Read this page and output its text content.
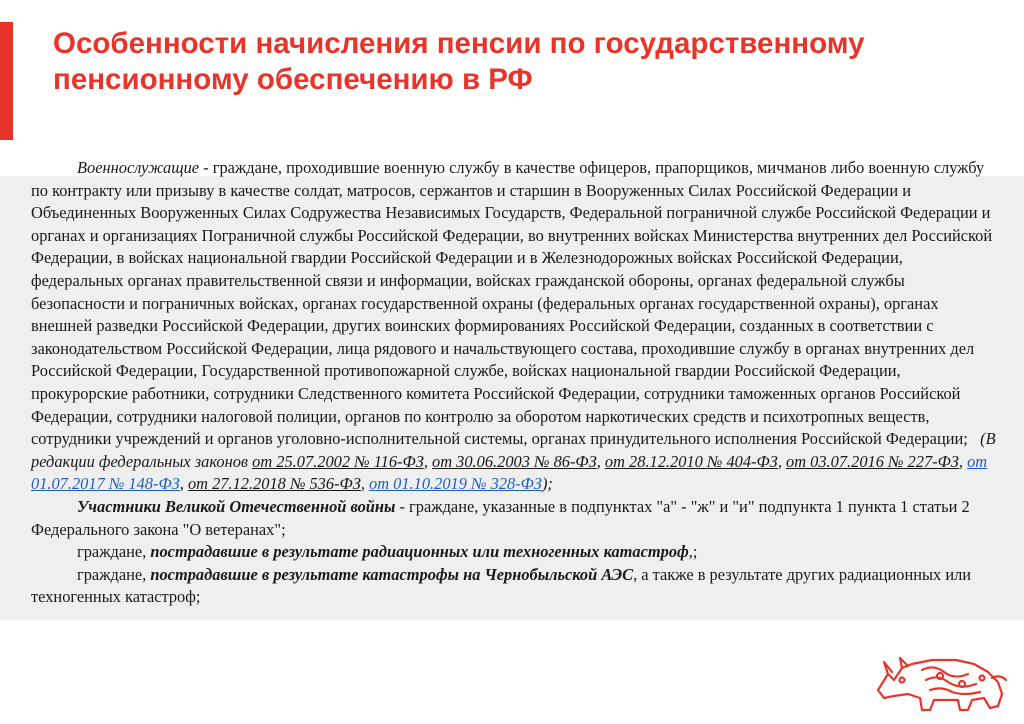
Особенности начисления пенсии по государственному пенсионному обеспечению в РФ

Военнослужащие - граждане, проходившие военную службу в качестве офицеров, прапорщиков, мичманов либо военную службу по контракту или призыву в качестве солдат, матросов, сержантов и старшин в Вооруженных Силах Российской Федерации и Объединенных Вооруженных Силах Содружества Независимых Государств, Федеральной пограничной службе Российской Федерации и органах и организациях Пограничной службы Российской Федерации, во внутренних войсках Министерства внутренних дел Российской Федерации, в войсках национальной гвардии Российской Федерации и в Железнодорожных войсках Российской Федерации, федеральных органах правительственной связи и информации, войсках гражданской обороны, органах федеральной службы безопасности и пограничных войсках, органах государственной охраны (федеральных органах государственной охраны), органах внешней разведки Российской Федерации, других воинских формированиях Российской Федерации, созданных в соответствии с законодательством Российской Федерации, лица рядового и начальствующего состава, проходившие службу в органах внутренних дел Российской Федерации, Государственной противопожарной службе, войсках национальной гвардии Российской Федерации, прокурорские работники, сотрудники Следственного комитета Российской Федерации, сотрудники таможенных органов Российской Федерации, сотрудники налоговой полиции, органов по контролю за оборотом наркотических средств и психотропных веществ, сотрудники учреждений и органов уголовно-исполнительной системы, органах принудительного исполнения Российской Федерации; (В редакции федеральных законов от 25.07.2002 № 116-ФЗ, от 30.06.2003 № 86-ФЗ, от 28.12.2010 № 404-ФЗ, от 03.07.2016 № 227-ФЗ, от 01.07.2017 № 148-ФЗ, от 27.12.2018 № 536-ФЗ, от 01.10.2019 № 328-ФЗ);

Участники Великой Отечественной войны - граждане, указанные в подпунктах "а" - "ж" и "и" подпункта 1 пункта 1 статьи 2 Федерального закона "О ветеранах";

граждане, пострадавшие в результате радиационных или техногенных катастроф,;

граждане, пострадавшие в результате катастрофы на Чернобыльской АЭС, а также в результате других радиационных или техногенных катастроф;
